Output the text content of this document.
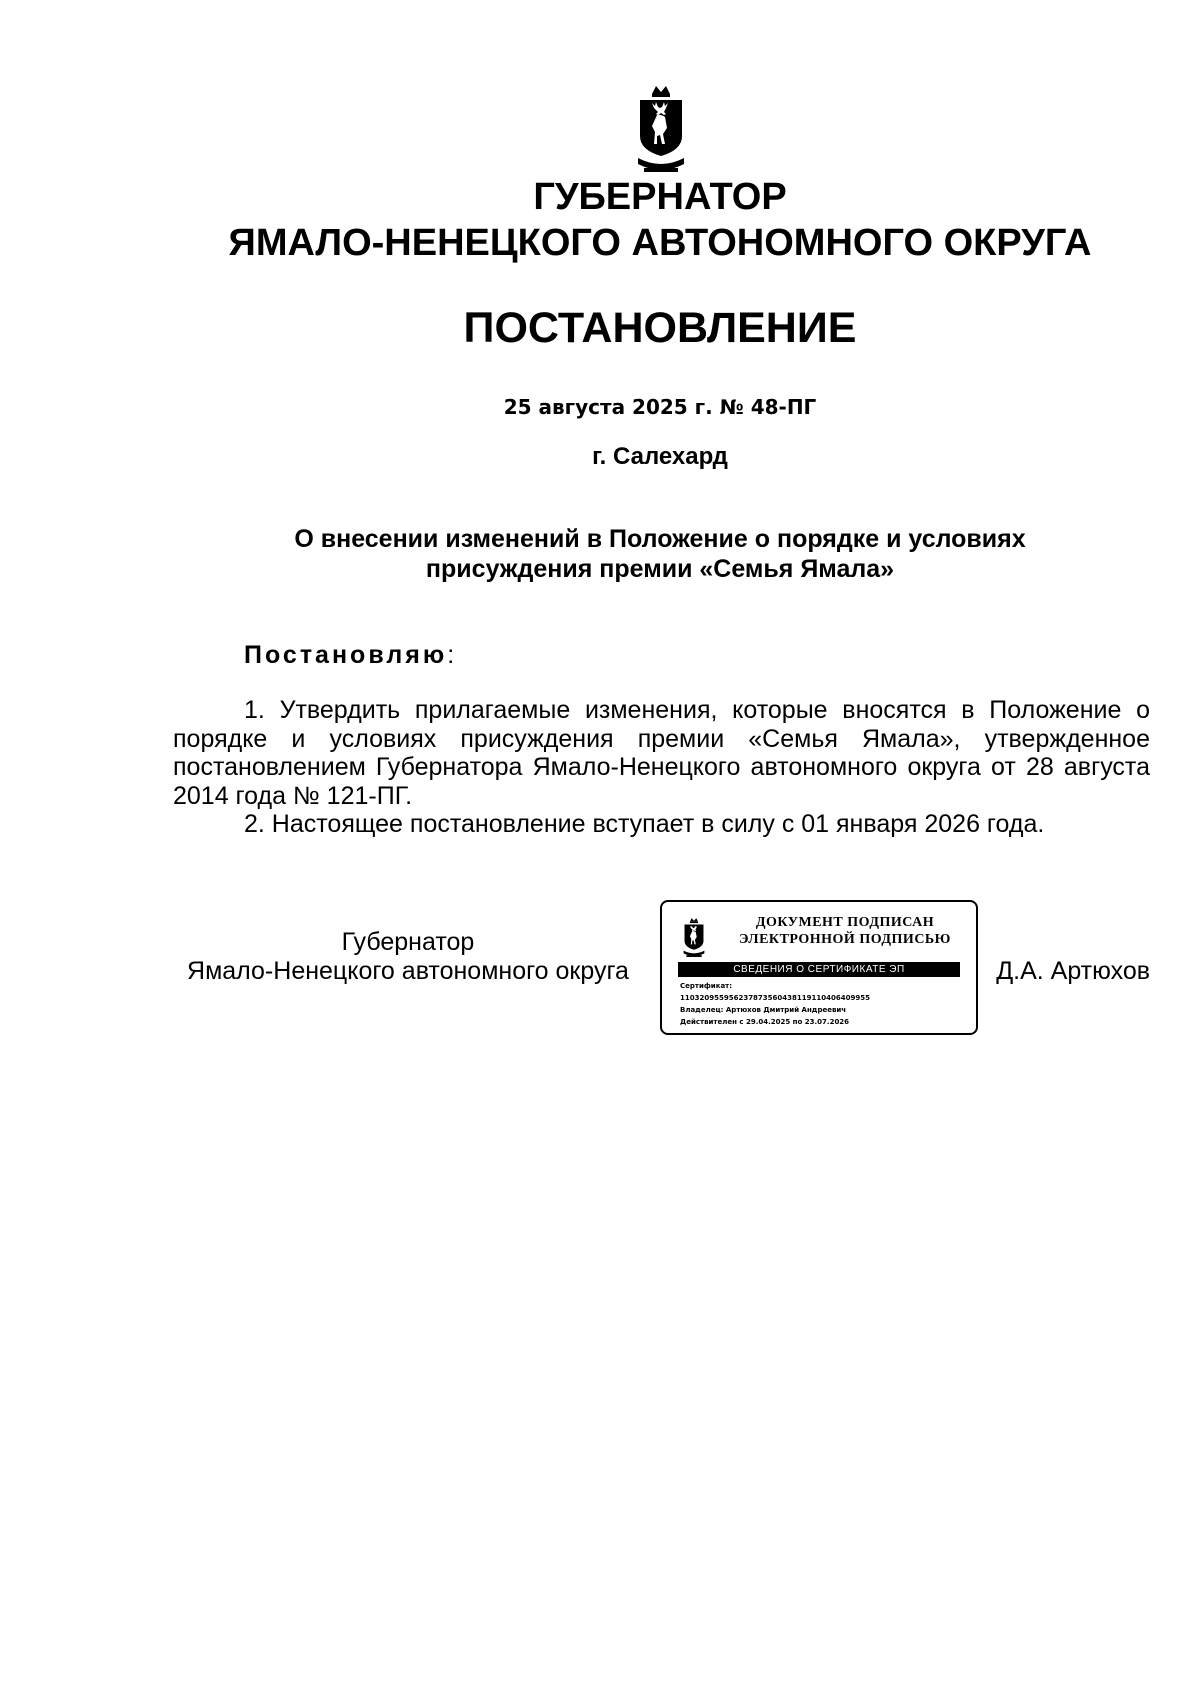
ГУБЕРНАТОР
ЯМАЛО-НЕНЕЦКОГО АВТОНОМНОГО ОКРУГА
ПОСТАНОВЛЕНИЕ
25 августа 2025 г. № 48-ПГ
г. Салехард
О внесении изменений в Положение о порядке и условиях
присуждения премии «Семья Ямала»
Постановляю:

1. Утвердить прилагаемые изменения, которые вносятся в Положение о порядке и условиях присуждения премии «Семья Ямала», утвержденное постановлением Губернатора Ямало-Ненецкого автономного округа от 28 августа 2014 года № 121-ПГ.

2. Настоящее постановление вступает в силу с 01 января 2026 года.

Губернатор
Ямало-Ненецкого автономного округа
ДОКУМЕНТ ПОДПИСАН
ЭЛЕКТРОННОЙ ПОДПИСЬЮ
СВЕДЕНИЯ О СЕРТИФИКАТЕ ЭП
Сертификат:
110320955956237873560438119110406409955
Владелец: Артюхов Дмитрий Андреевич
Действителен с 29.04.2025 по 23.07.2026
Д.А. Артюхов
